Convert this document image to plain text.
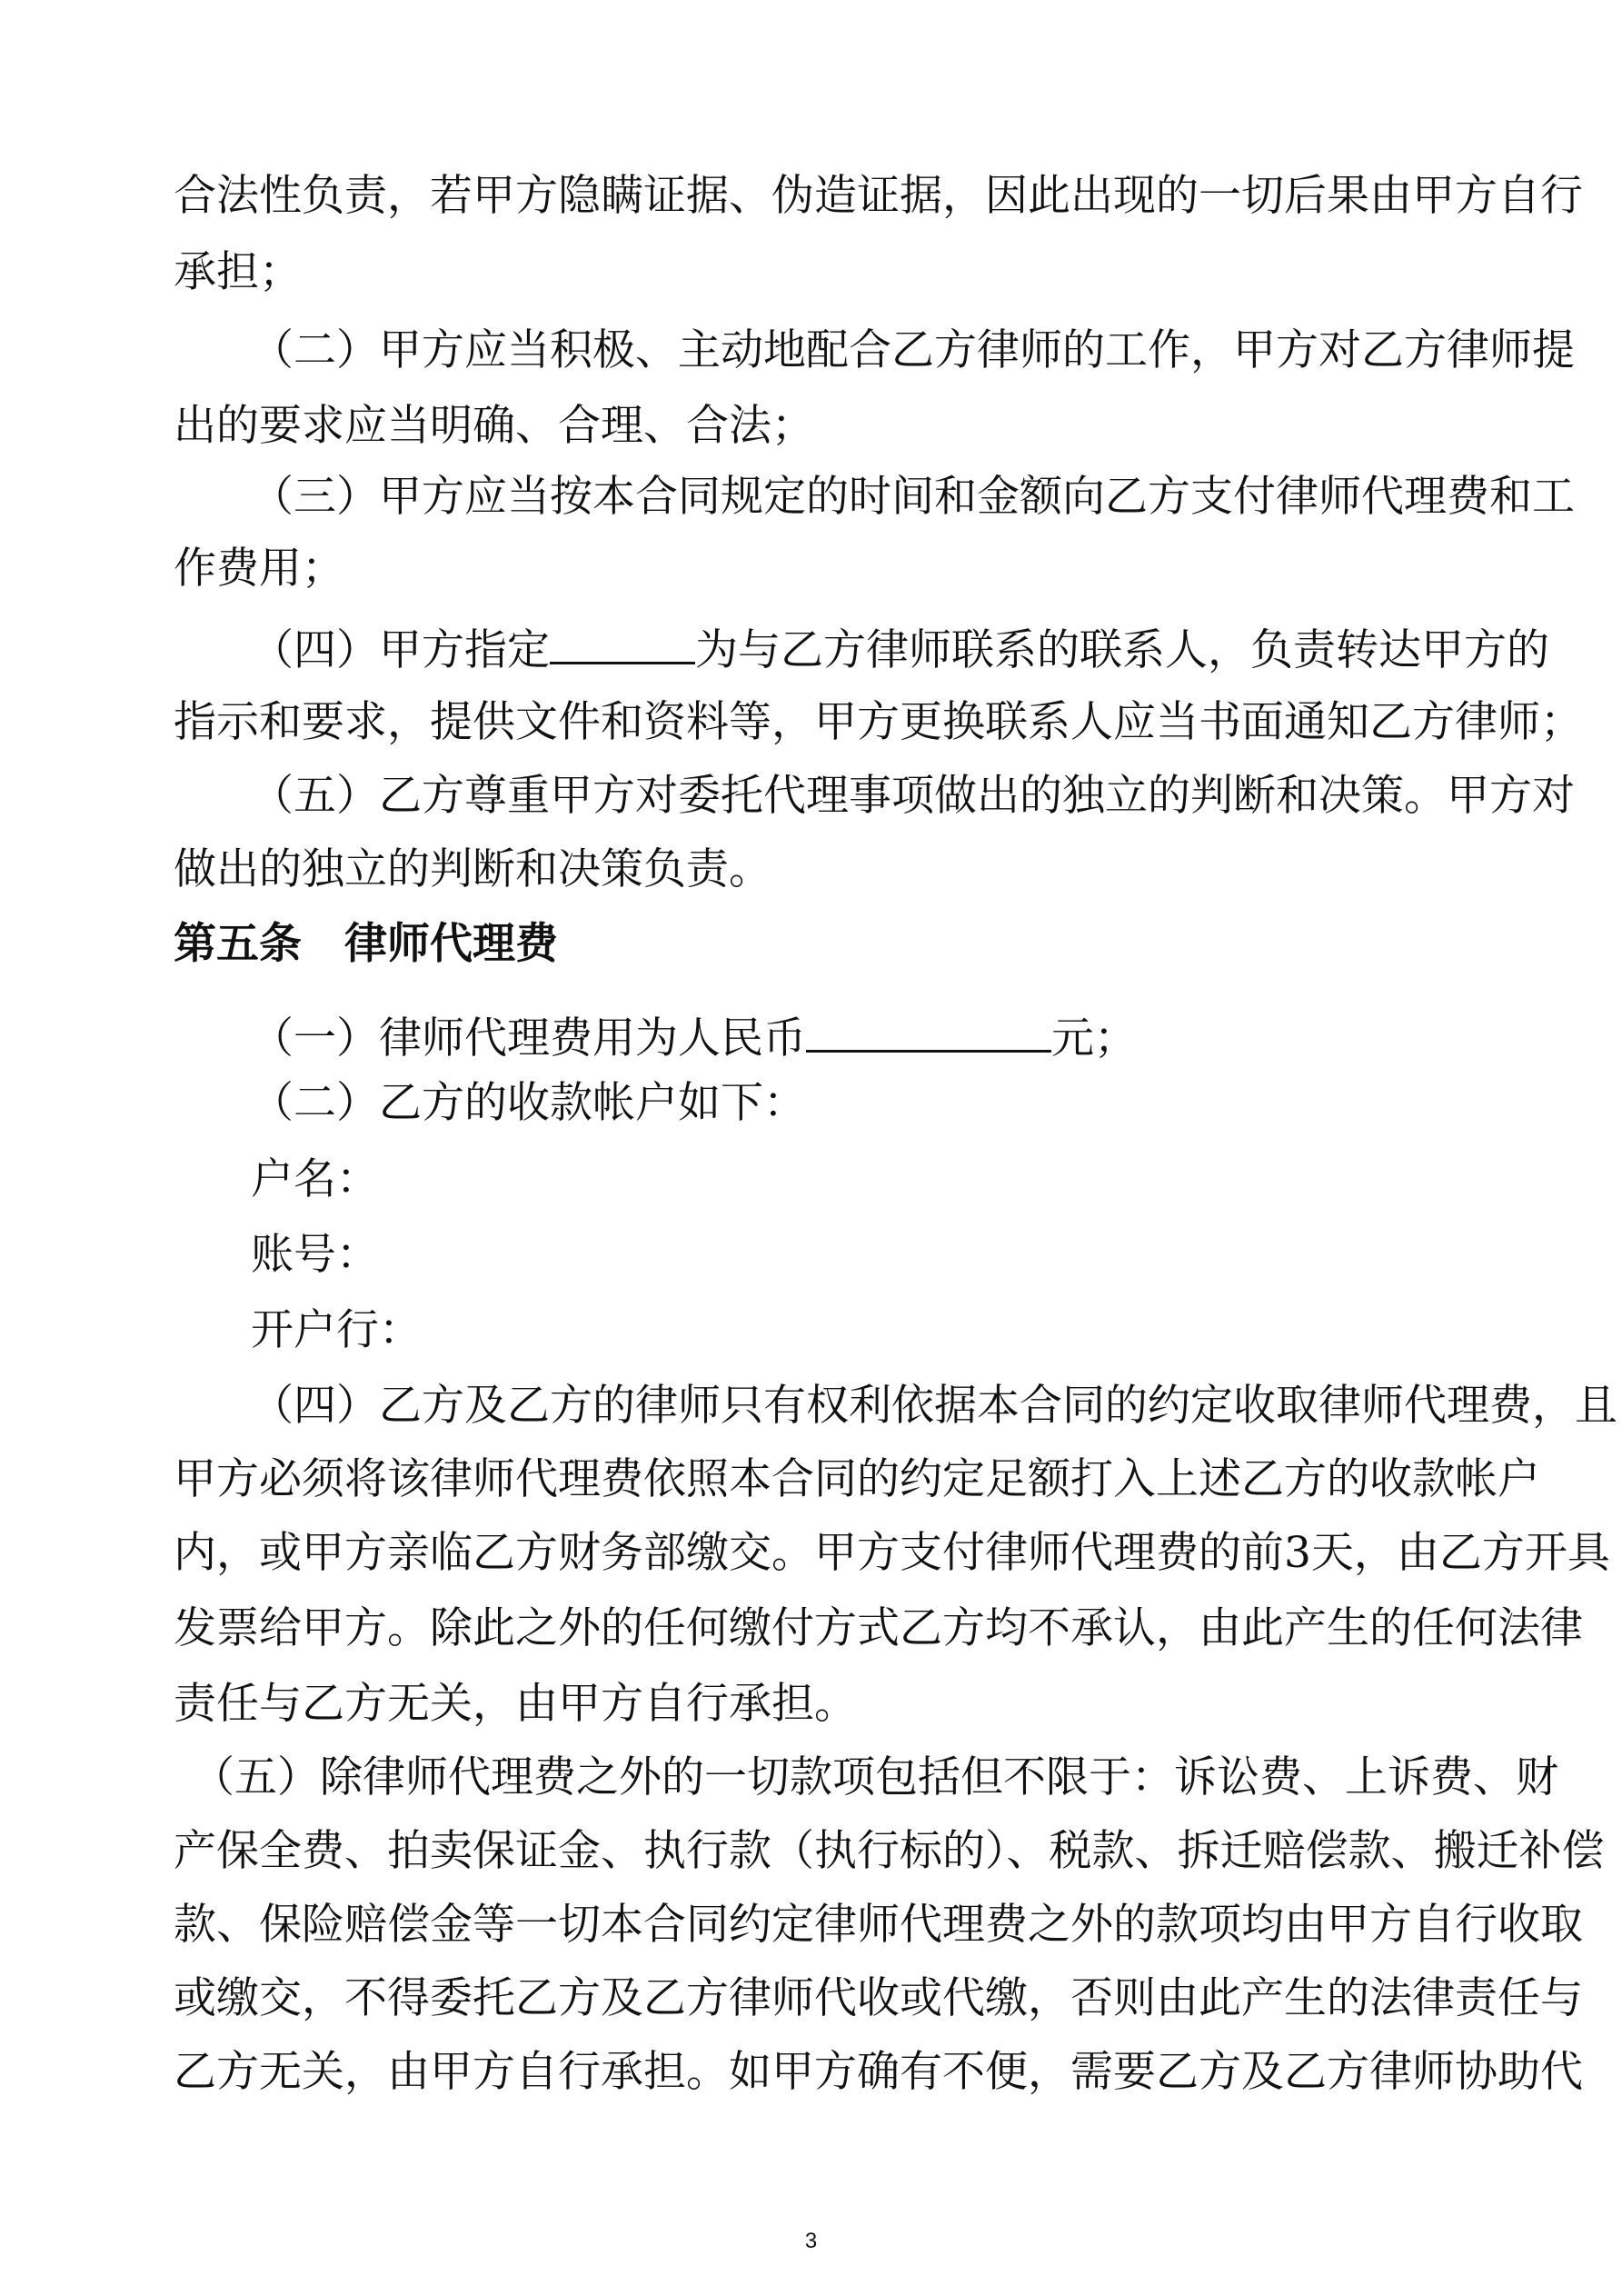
3
合法性负责，若甲方隐瞒证据、伪造证据，因此出现的一切后果由甲方自行
承担；
（二）甲方应当积极、主动地配合乙方律师的工作，甲方对乙方律师提
出的要求应当明确、合理、合法；
（三）甲方应当按本合同规定的时间和金额向乙方支付律师代理费和工
作费用；
（四）甲方指定	为与乙方律师联系的联系人，负责转达甲方的
指示和要求，提供文件和资料等，甲方更换联系人应当书面通知乙方律师；
（五）乙方尊重甲方对委托代理事项做出的独立的判断和决策。甲方对
做出的独立的判断和决策负责。
第五条　律师代理费
（一）律师代理费用为人民币	元；
（二）乙方的收款帐户如下：
户名：
账号：
开户行：
（四）乙方及乙方的律师只有权利依据本合同的约定收取律师代理费，且
甲方必须将该律师代理费依照本合同的约定足额打入上述乙方的收款帐户
内，或甲方亲临乙方财务部缴交。甲方支付律师代理费的前3天，由乙方开具
发票给甲方。除此之外的任何缴付方式乙方均不承认，由此产生的任何法律
责任与乙方无关，由甲方自行承担。
（五）除律师代理费之外的一切款项包括但不限于：诉讼费、上诉费、财
产保全费、拍卖保证金、执行款（执行标的）、税款、拆迁赔偿款、搬迁补偿
款、保险赔偿金等一切本合同约定律师代理费之外的款项均由甲方自行收取
或缴交，不得委托乙方及乙方律师代收或代缴，否则由此产生的法律责任与
乙方无关，由甲方自行承担。如甲方确有不便，需要乙方及乙方律师协助代
